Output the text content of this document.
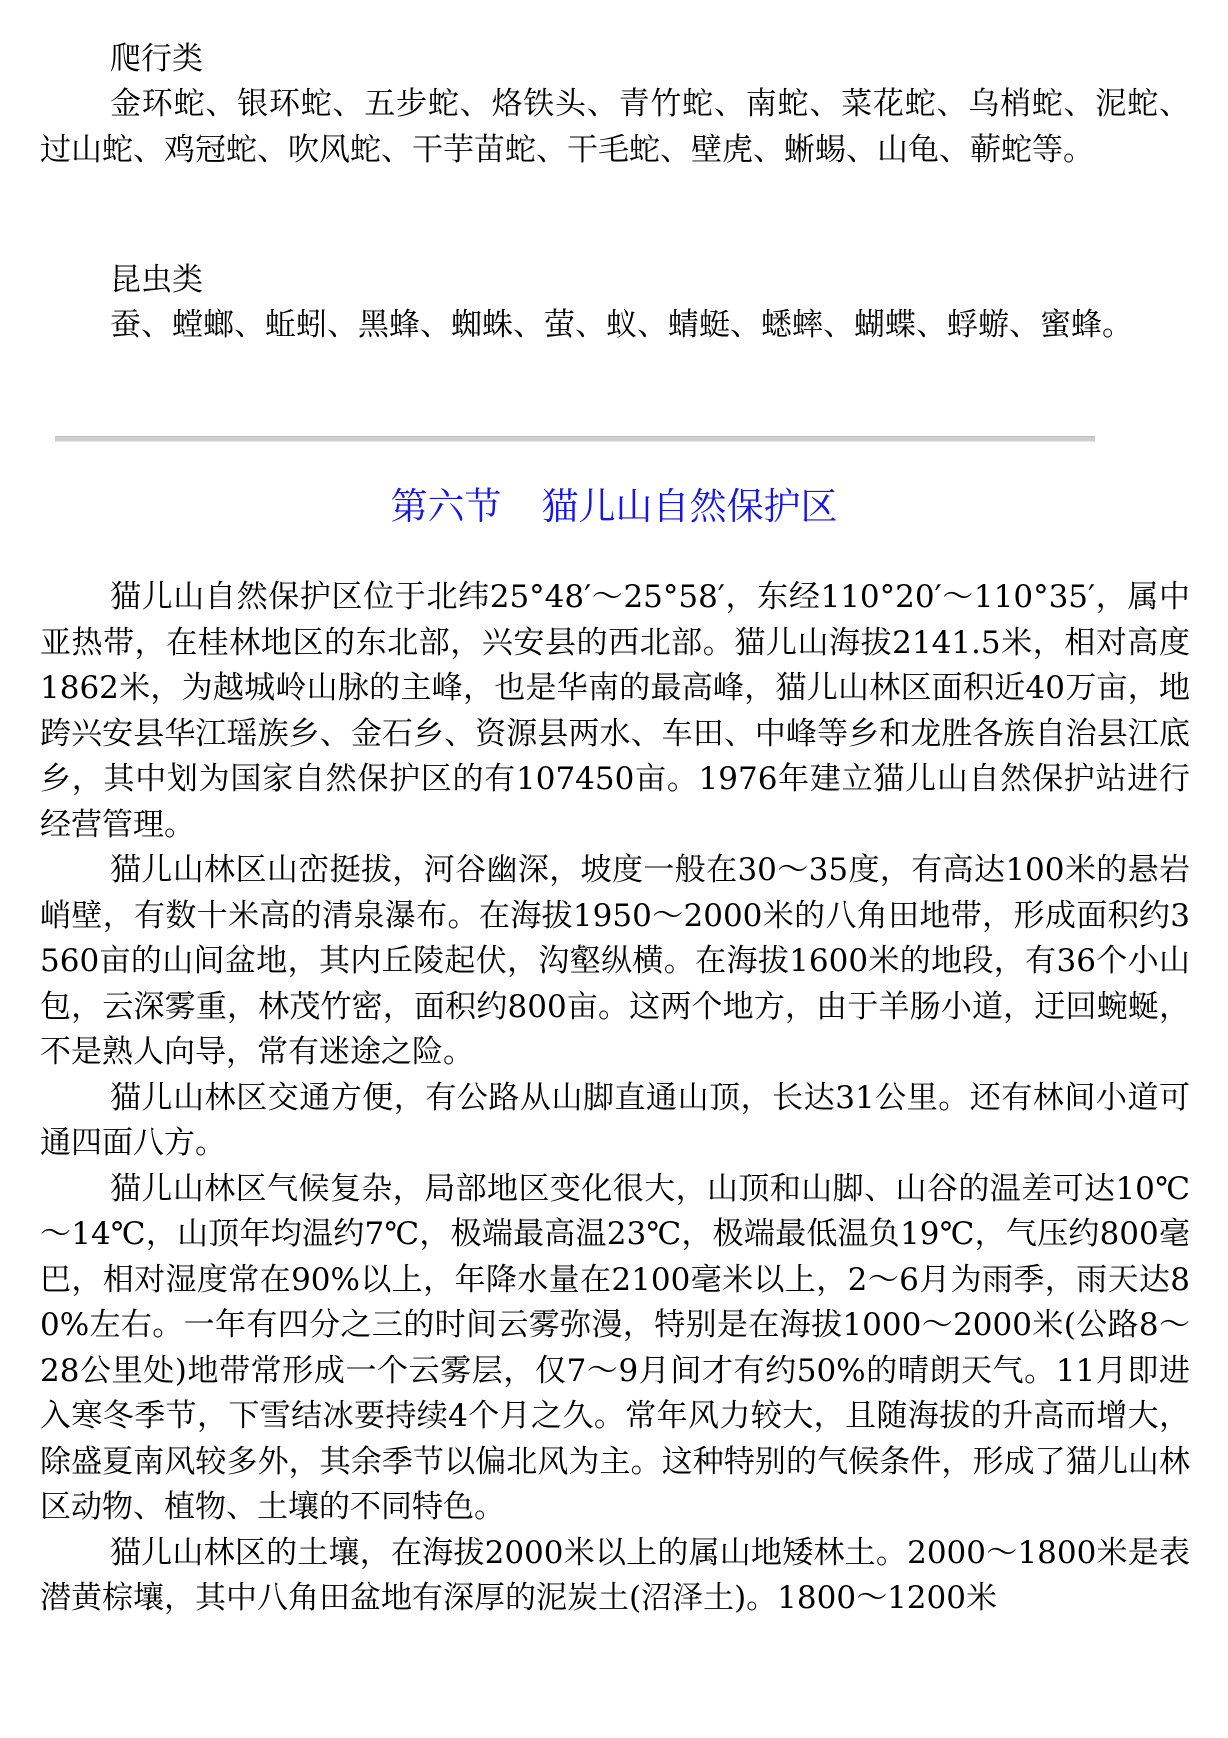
爬行类

金环蛇、银环蛇、五步蛇、烙铁头、青竹蛇、南蛇、菜花蛇、乌梢蛇、泥蛇、过山蛇、鸡冠蛇、吹风蛇、干芋苗蛇、干毛蛇、壁虎、蜥蜴、山龟、蕲蛇等。

昆虫类

蚕、螳螂、蚯蚓、黑蜂、蜘蛛、萤、蚁、蜻蜓、蟋蟀、蝴蝶、蜉蝣、蜜蜂。

猫儿山自然保护区位于北纬25°48′～25°58′，东经110°20′～110°35′，属中亚热带，在桂林地区的东北部，兴安县的西北部。猫儿山海拔2141.5米，相对高度1862米，为越城岭山脉的主峰，也是华南的最高峰，猫儿山林区面积近40万亩，地跨兴安县华江瑶族乡、金石乡、资源县两水、车田、中峰等乡和龙胜各族自治县江底乡，其中划为国家自然保护区的有107450亩。1976年建立猫儿山自然保护站进行经营管理。

猫儿山林区山峦挺拔，河谷幽深，坡度一般在30～35度，有高达100米的悬岩峭壁，有数十米高的清泉瀑布。在海拔1950～2000米的八角田地带，形成面积约3560亩的山间盆地，其内丘陵起伏，沟壑纵横。在海拔1600米的地段，有36个小山包，云深雾重，林茂竹密，面积约800亩。这两个地方，由于羊肠小道，迂回蜿蜒，不是熟人向导，常有迷途之险。

猫儿山林区交通方便，有公路从山脚直通山顶，长达31公里。还有林间小道可通四面八方。

猫儿山林区气候复杂，局部地区变化很大，山顶和山脚、山谷的温差可达10℃～14℃，山顶年均温约7℃，极端最高温23℃，极端最低温负19℃，气压约800毫巴，相对湿度常在90%以上，年降水量在2100毫米以上，2～6月为雨季，雨天达80%左右。一年有四分之三的时间云雾弥漫，特别是在海拔1000～2000米(公路8～28公里处)地带常形成一个云雾层，仅7～9月间才有约50%的晴朗天气。11月即进入寒冬季节，下雪结冰要持续4个月之久。常年风力较大，且随海拔的升高而增大，除盛夏南风较多外，其余季节以偏北风为主。这种特别的气候条件，形成了猫儿山林区动物、植物、土壤的不同特色。

猫儿山林区的土壤，在海拔2000米以上的属山地矮林土。2000～1800米是表潜黄棕壤，其中八角田盆地有深厚的泥炭土(沼泽土)。1800～1200米

第六节 猫儿山自然保护区
